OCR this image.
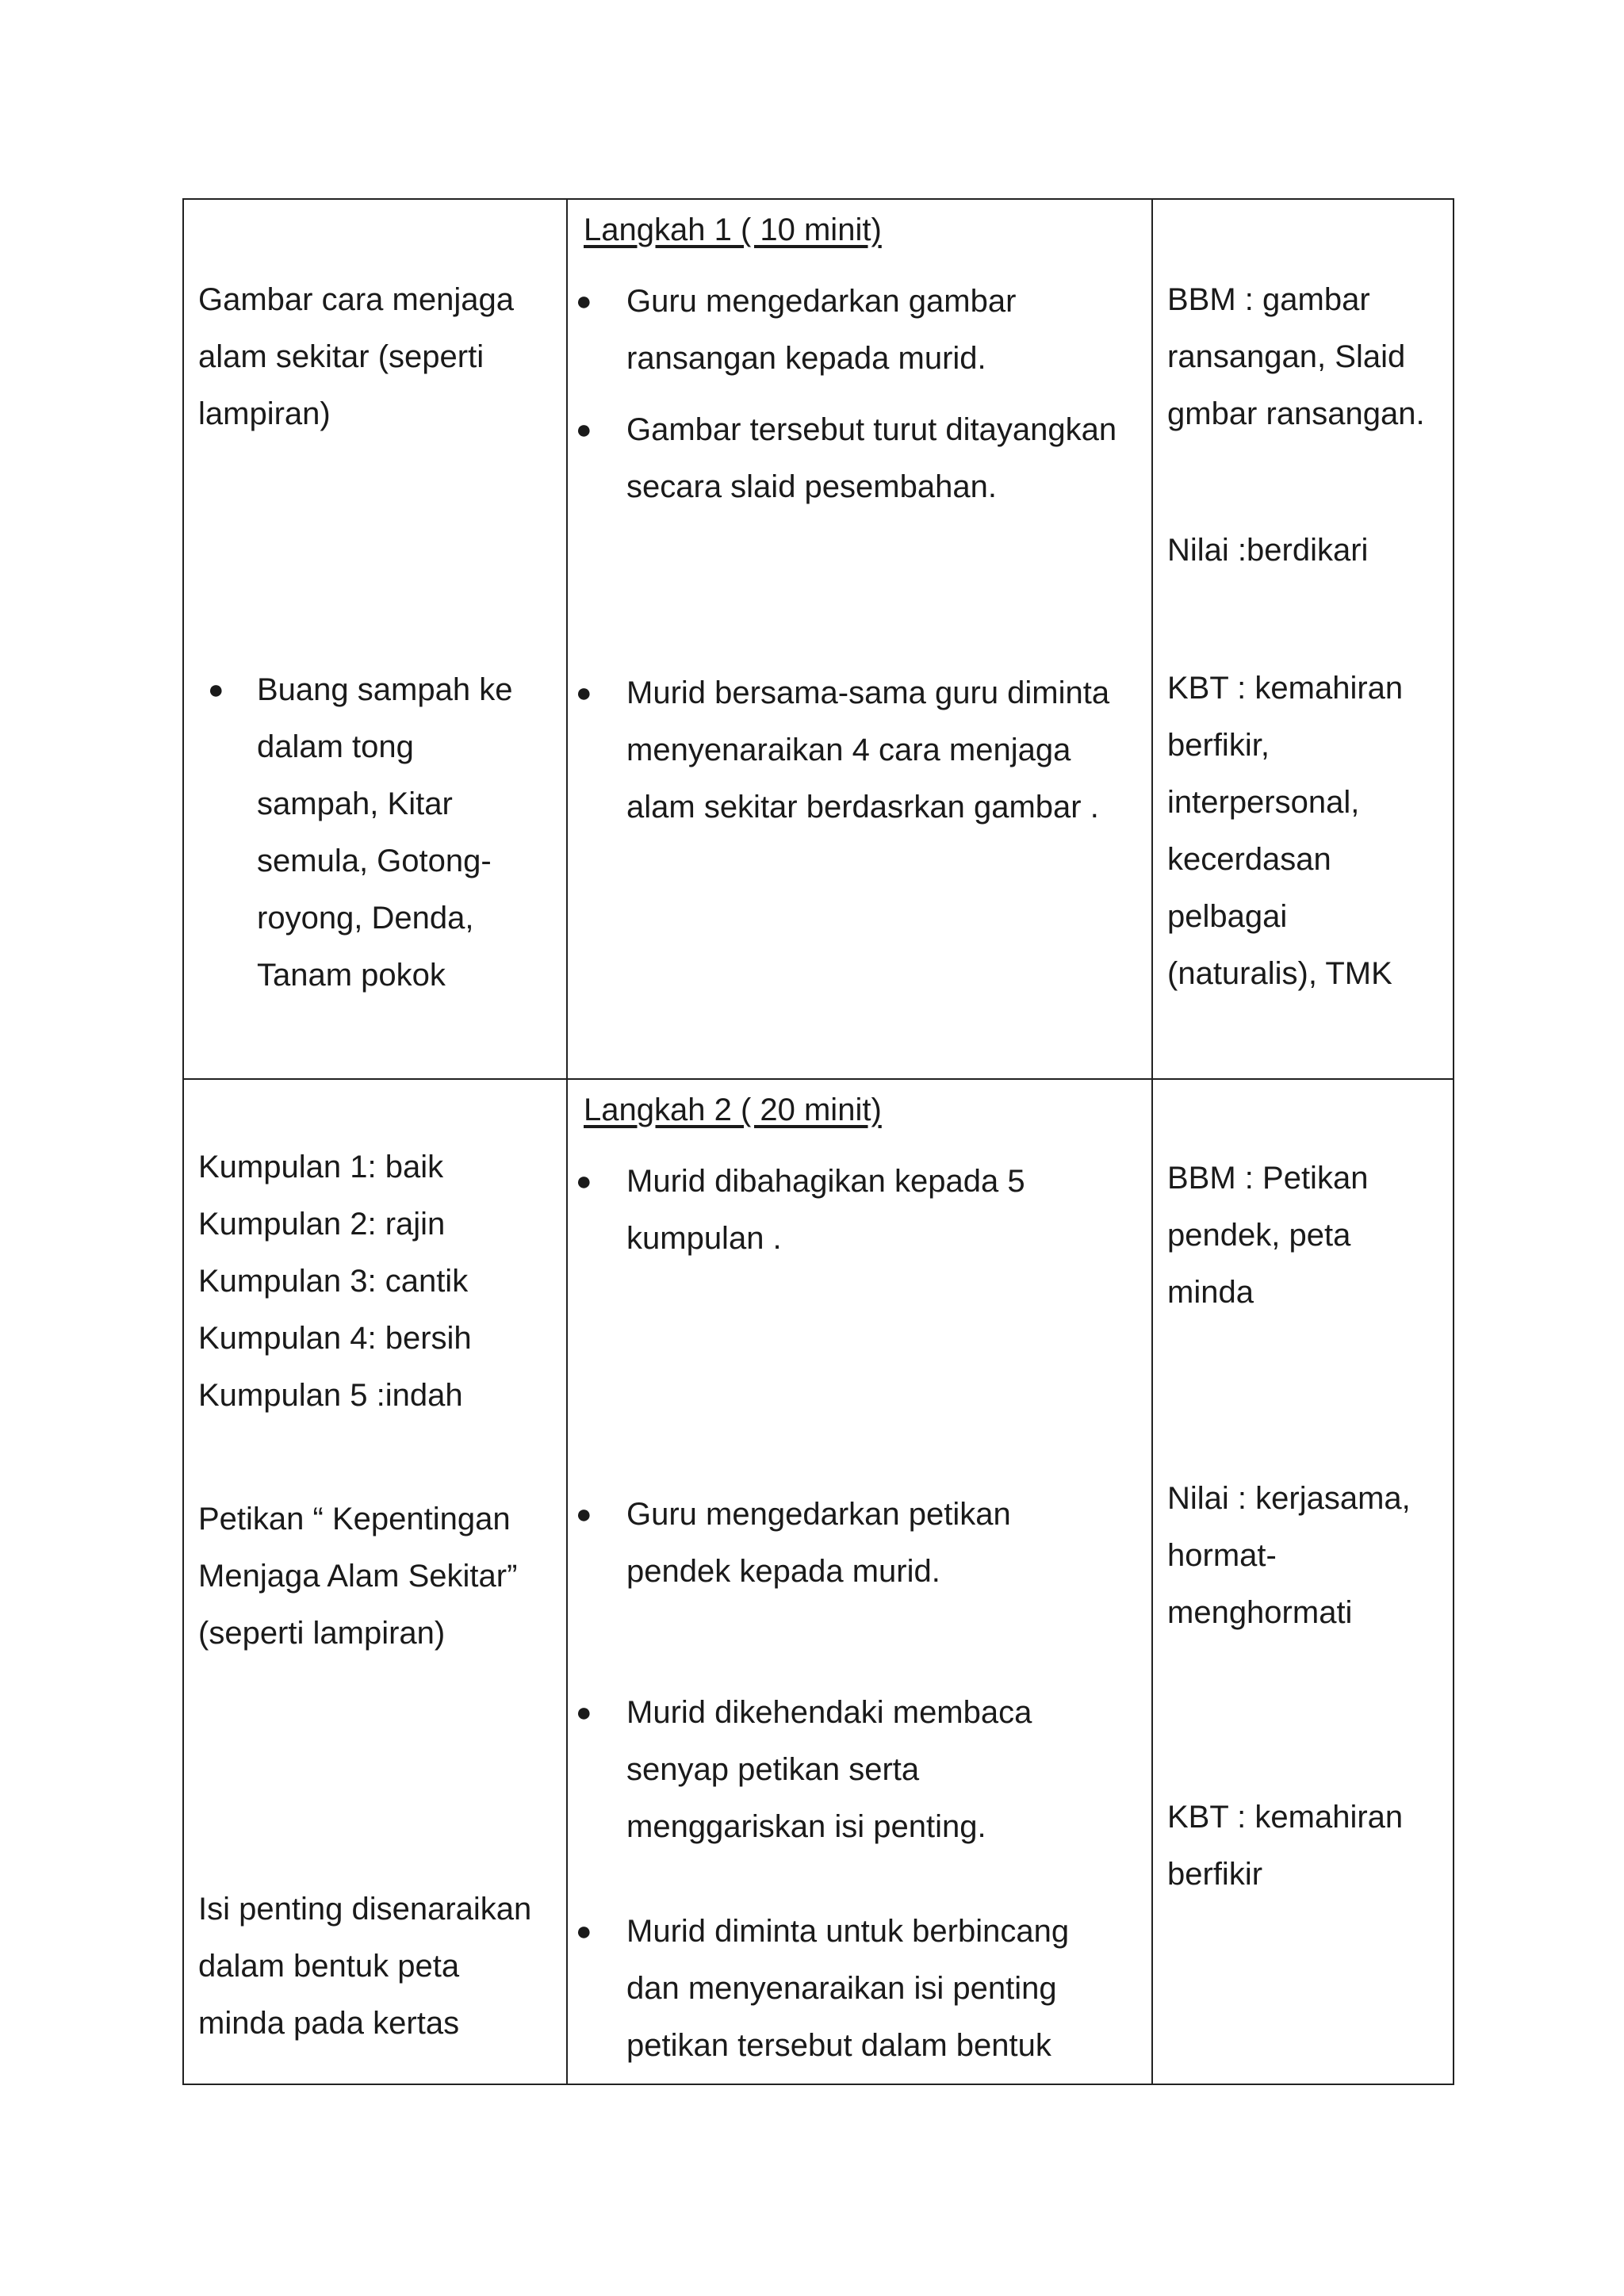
Langkah 1 ( 10 minit)
Gambar cara menjaga
alam sekitar (seperti
lampiran)
● Buang sampah ke
dalam tong
sampah, Kitar
semula, Gotong-
royong, Denda,
Tanam pokok
● Guru mengedarkan gambar
ransangan kepada murid.
● Gambar tersebut turut ditayangkan
secara slaid pesembahan.
● Murid bersama-sama guru diminta
menyenaraikan 4 cara menjaga
alam sekitar berdasrkan gambar .
BBM : gambar
ransangan, Slaid
gmbar ransangan.
Nilai :berdikari
KBT : kemahiran
berfikir,
interpersonal,
kecerdasan
pelbagai
(naturalis), TMK
Langkah 2 ( 20 minit)
Kumpulan 1: baik
Kumpulan 2: rajin
Kumpulan 3: cantik
Kumpulan 4: bersih
Kumpulan 5 :indah
Petikan “ Kepentingan
Menjaga Alam Sekitar”
(seperti lampiran)
Isi penting disenaraikan
dalam bentuk peta
minda pada kertas
● Murid dibahagikan kepada 5
kumpulan .
● Guru mengedarkan petikan
pendek kepada murid.
● Murid dikehendaki membaca
senyap petikan serta
menggariskan isi penting.
● Murid diminta untuk berbincang
dan menyenaraikan isi penting
petikan tersebut dalam bentuk
BBM : Petikan
pendek, peta
minda
Nilai : kerjasama,
hormat-
menghormati
KBT : kemahiran
berfikir
